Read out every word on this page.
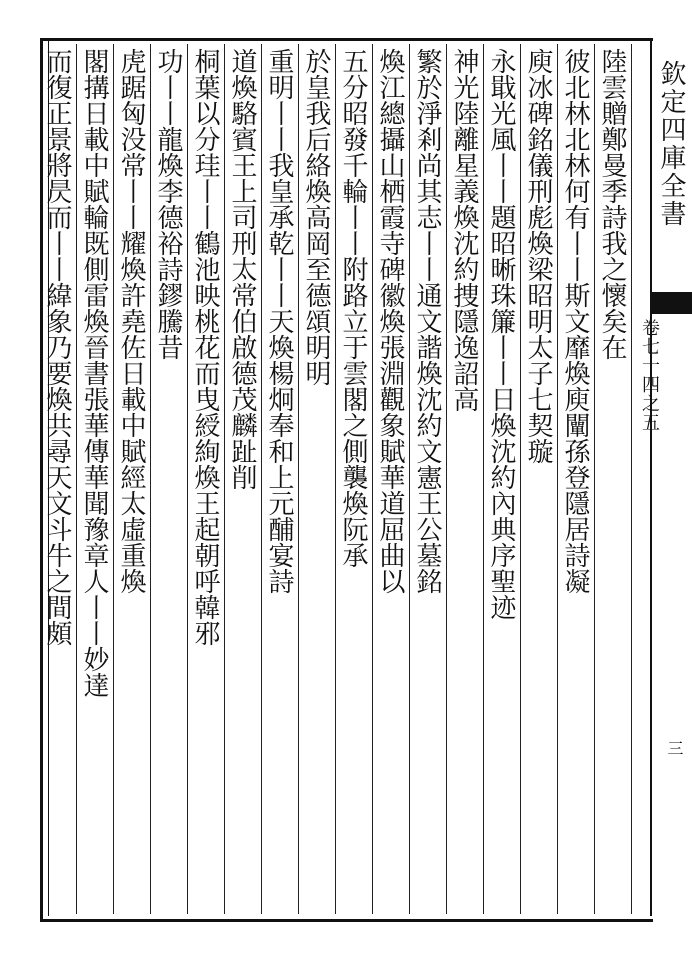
欽定四庫全書
卷七十四之五
三
陸雲贈鄭曼季詩我之懷矣在
彼北林北林何有丨丨斯文靡煥庾闡孫登隱居詩凝
庾冰碑銘儀刑彪煥梁昭明太子七契璇
永戢光風丨丨題昭晰珠簾丨丨日煥沈約內典序聖迹
神光陸離星義煥沈約捜隱逸詔高
繁於淨剎尚其志丨丨通文諧煥沈約文憲王公墓銘
煥江總攝山栖霞寺碑徽煥張淵觀象賦華道屈曲以
五分昭發千輪丨丨附路立于雲閣之側襲煥阮承
於皇我后絡煥高岡至德頌明明
重明丨丨我皇承乾丨丨天煥楊炯奉和上元酺宴詩
道煥駱賓王上司刑太常伯啟德茂麟趾削
桐葉以分珪丨丨鶴池映桃花而曳綬絢煥王起朝呼韓邪
功丨丨龍煥李德裕詩鏐騰昔
虎踞匈没常丨丨耀煥許堯佐日載中賦經太虛重煥
閣搆日載中賦輪既側雷煥晉書張華傳華聞豫章人丨丨妙達
而復正景將昃而丨丨緯象乃要煥共尋天文斗牛之間頗
